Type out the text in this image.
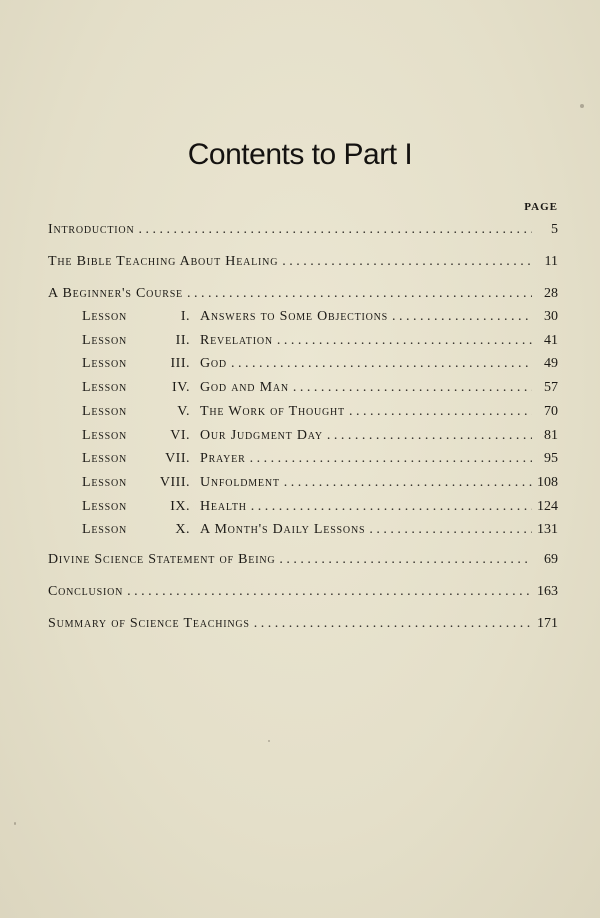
Contents to Part I
PAGE
Introduction . . .	5
The Bible Teaching About Healing . . .	11
A Beginner's Course . . .	28
Lesson	I. Answers to Some Objections . . .	30
Lesson	II. Revelation . . .	41
Lesson	III. God . . .	49
Lesson	IV. God and Man . . .	57
Lesson	V. The Work of Thought . . .	70
Lesson	VI. Our Judgment Day . . .	81
Lesson	VII. Prayer . . .	95
Lesson	VIII. Unfoldment . . .	108
Lesson	IX. Health . . .	124
Lesson	X. A Month's Daily Lessons . . .	131
Divine Science Statement of Being . . .	69
Conclusion . . .	163
Summary of Science Teachings . . .	171
